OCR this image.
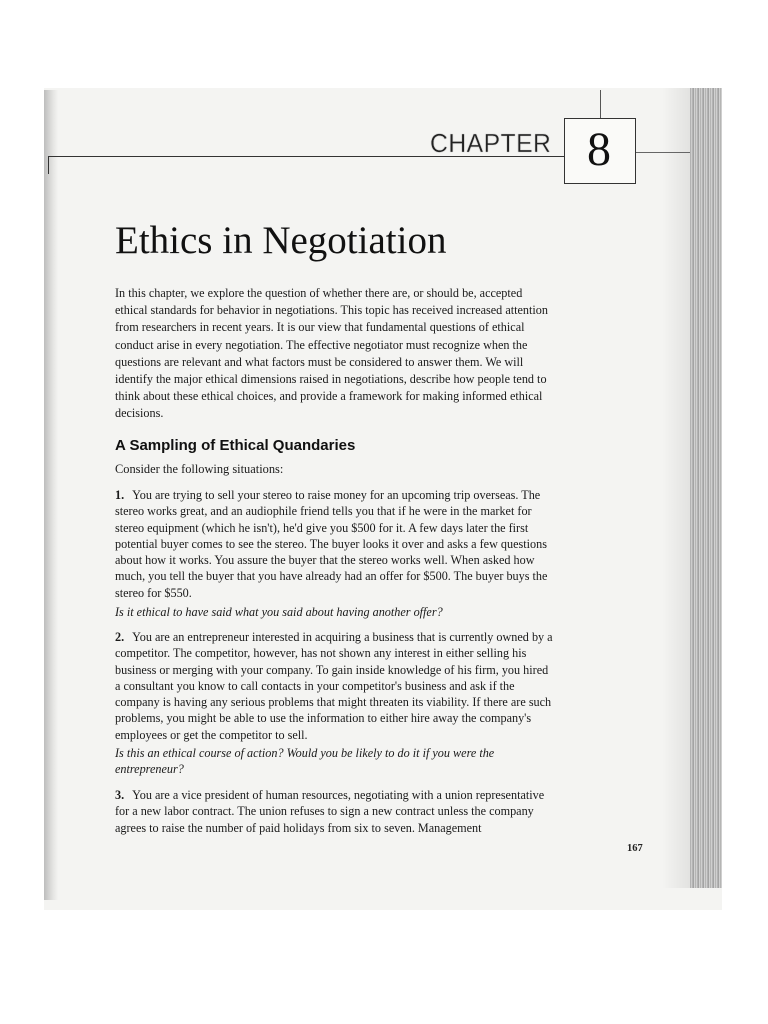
CHAPTER 8
Ethics in Negotiation

In this chapter, we explore the question of whether there are, or should be, accepted ethical standards for behavior in negotiations. This topic has received increased attention from researchers in recent years. It is our view that fundamental questions of ethical conduct arise in every negotiation. The effective negotiator must recognize when the questions are relevant and what factors must be considered to answer them. We will identify the major ethical dimensions raised in negotiations, describe how people tend to think about these ethical choices, and provide a framework for making informed ethical decisions.

A Sampling of Ethical Quandaries

Consider the following situations:

1. You are trying to sell your stereo to raise money for an upcoming trip overseas. The stereo works great, and an audiophile friend tells you that if he were in the market for stereo equipment (which he isn't), he'd give you $500 for it. A few days later the first potential buyer comes to see the stereo. The buyer looks it over and asks a few questions about how it works. You assure the buyer that the stereo works well. When asked how much, you tell the buyer that you have already had an offer for $500. The buyer buys the stereo for $550.

Is it ethical to have said what you said about having another offer?

2. You are an entrepreneur interested in acquiring a business that is currently owned by a competitor. The competitor, however, has not shown any interest in either selling his business or merging with your company. To gain inside knowledge of his firm, you hired a consultant you know to call contacts in your competitor's business and ask if the company is having any serious problems that might threaten its viability. If there are such problems, you might be able to use the information to either hire away the company's employees or get the competitor to sell.

Is this an ethical course of action? Would you be likely to do it if you were the entrepreneur?

3. You are a vice president of human resources, negotiating with a union representative for a new labor contract. The union refuses to sign a new contract unless the company agrees to raise the number of paid holidays from six to seven. Management

167
